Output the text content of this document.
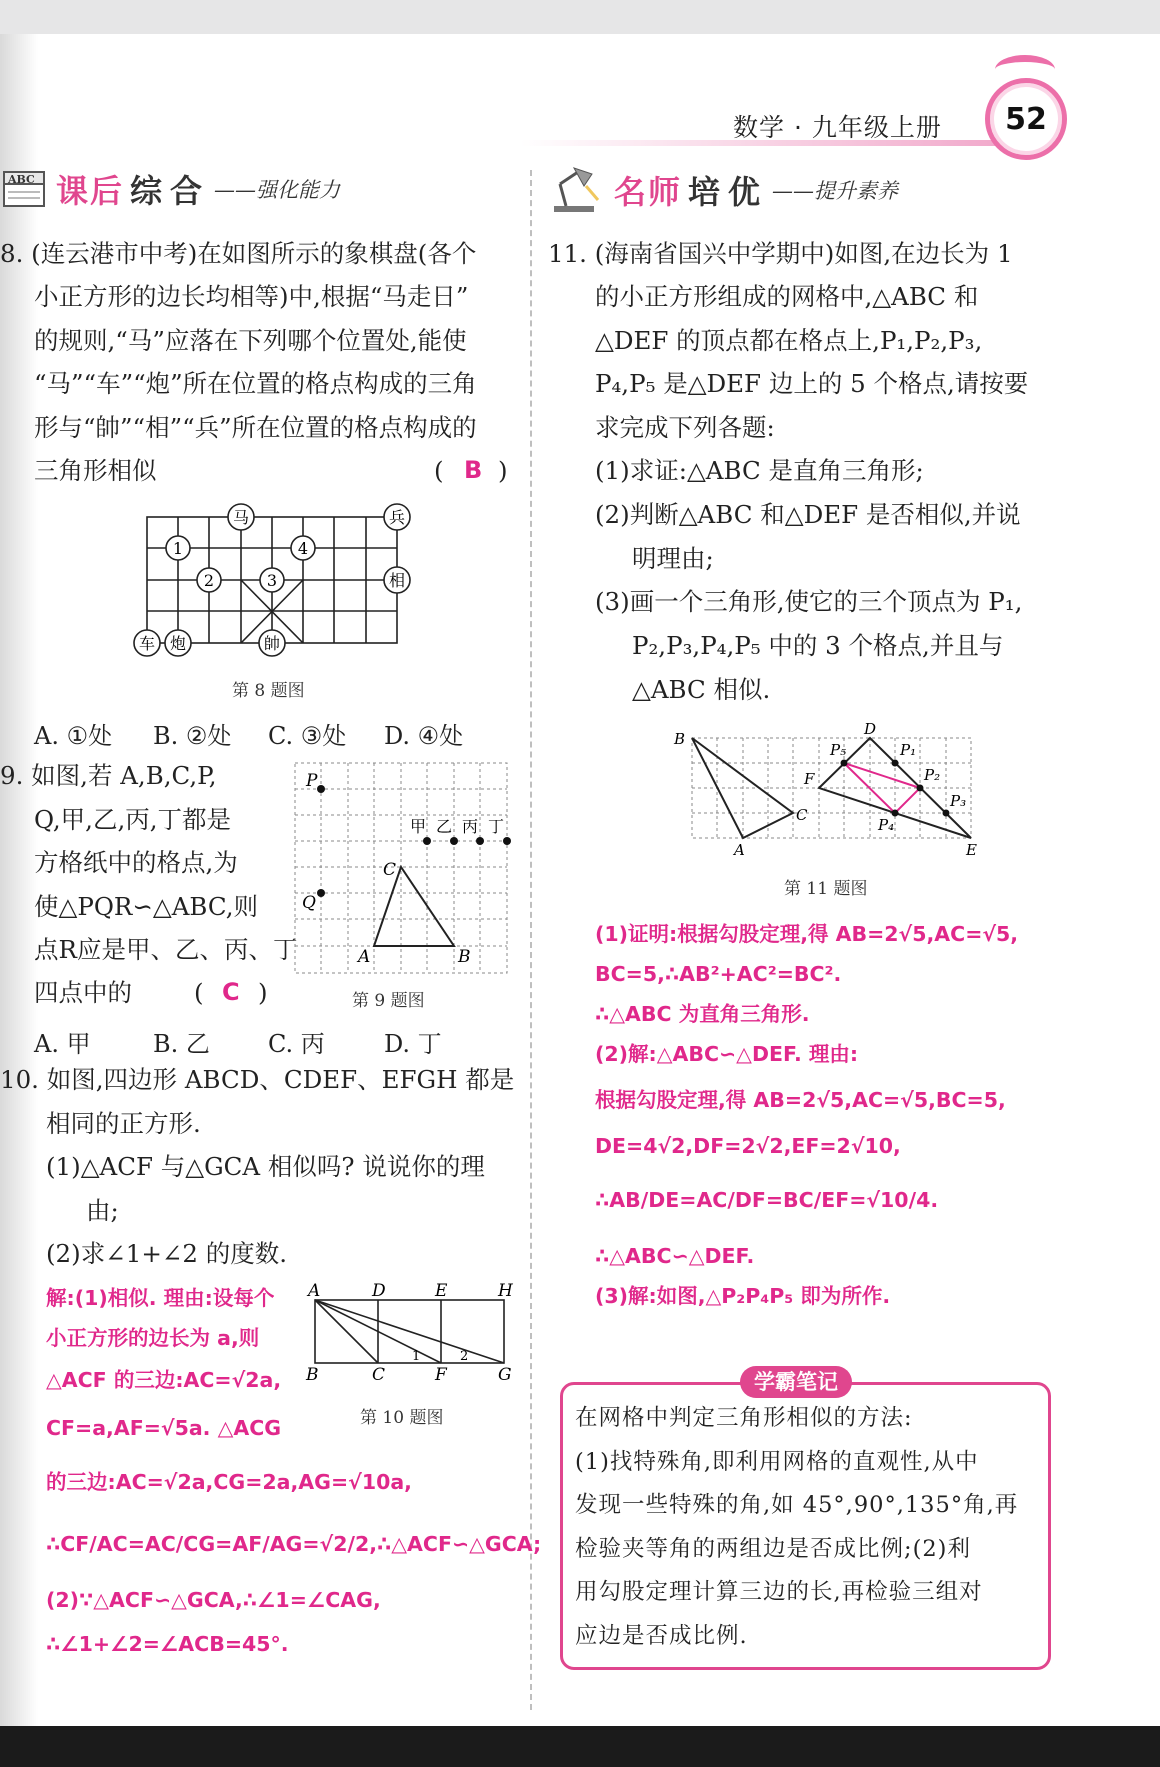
数学 · 九年级上册	52
ABC 课后 综 合 ——强化能力	名师 培 优 ——提升素养
8. (连云港市中考)在如图所示的象棋盘(各个
小正方形的边长均相等)中,根据“马走日”
的规则,“马”应落在下列哪个位置处,能使
“马”“车”“炮”所在位置的格点构成的三角
形与“帥”“相”“兵”所在位置的格点构成的
三角形相似	( B )
马	兵
相
车 炮	帥
1
2	3
4
第 8 题图
A. ①处 B. ②处 C. ③处 D. ④处
9. 如图,若 A,B,C,P,
Q,甲,乙,丙,丁都是
方格纸中的格点,为
使△PQR∽△ABC,则
点R应是甲、乙、丙、丁
四点中的	( C )
P
Q
C
A	B
甲 乙 丙 丁
第 9 题图
A. 甲	B. 乙 C. 丙 D. 丁
10. 如图,四边形 ABCD、CDEF、EFGH 都是
相同的正方形.
(1)△ACF 与△GCA 相似吗? 说说你的理
由;
(2)求∠1+∠2 的度数.
A	D	E	H
B	C	F	G
1	2
第 10 题图
解:(1)相似. 理由:设每个
小正方形的边长为 a,则
△ACF 的三边:AC=√2a,
CF=a,AF=√5a. △ACG
的三边:AC=√2a,CG=2a,AG=√10a,
∴CF/AC=AC/CG=AF/AG=√2/2,∴△ACF∽△GCA;
(2)∵△ACF∽△GCA,∴∠1=∠CAG,
∴∠1+∠2=∠ACB=45°.
11. (海南省国兴中学期中)如图,在边长为 1
的小正方形组成的网格中,△ABC 和
△DEF 的顶点都在格点上,P₁,P₂,P₃,
P₄,P₅ 是△DEF 边上的 5 个格点,请按要
求完成下列各题:
(1)求证:△ABC 是直角三角形;
(2)判断△ABC 和△DEF 是否相似,并说
明理由;
(3)画一个三角形,使它的三个顶点为 P₁,
P₂,P₃,P₄,P₅ 中的 3 个格点,并且与
△ABC 相似.
B
A
C
D
F
E
P₅	P₁
P₂
P₃
P₄
第 11 题图
(1)证明:根据勾股定理,得 AB=2√5,AC=√5,
BC=5,∴AB²+AC²=BC².
∴△ABC 为直角三角形.
(2)解:△ABC∽△DEF. 理由:
根据勾股定理,得 AB=2√5,AC=√5,BC=5,
DE=4√2,DF=2√2,EF=2√10,
∴AB/DE=AC/DF=BC/EF=√10/4.
∴△ABC∽△DEF.
(3)解:如图,△P₂P₄P₅ 即为所作.
学霸笔记
在网格中判定三角形相似的方法:
(1)找特殊角,即利用网格的直观性,从中
发现一些特殊的角,如 45°,90°,135°角,再
检验夹等角的两组边是否成比例;(2)利
用勾股定理计算三边的长,再检验三组对
应边是否成比例.
